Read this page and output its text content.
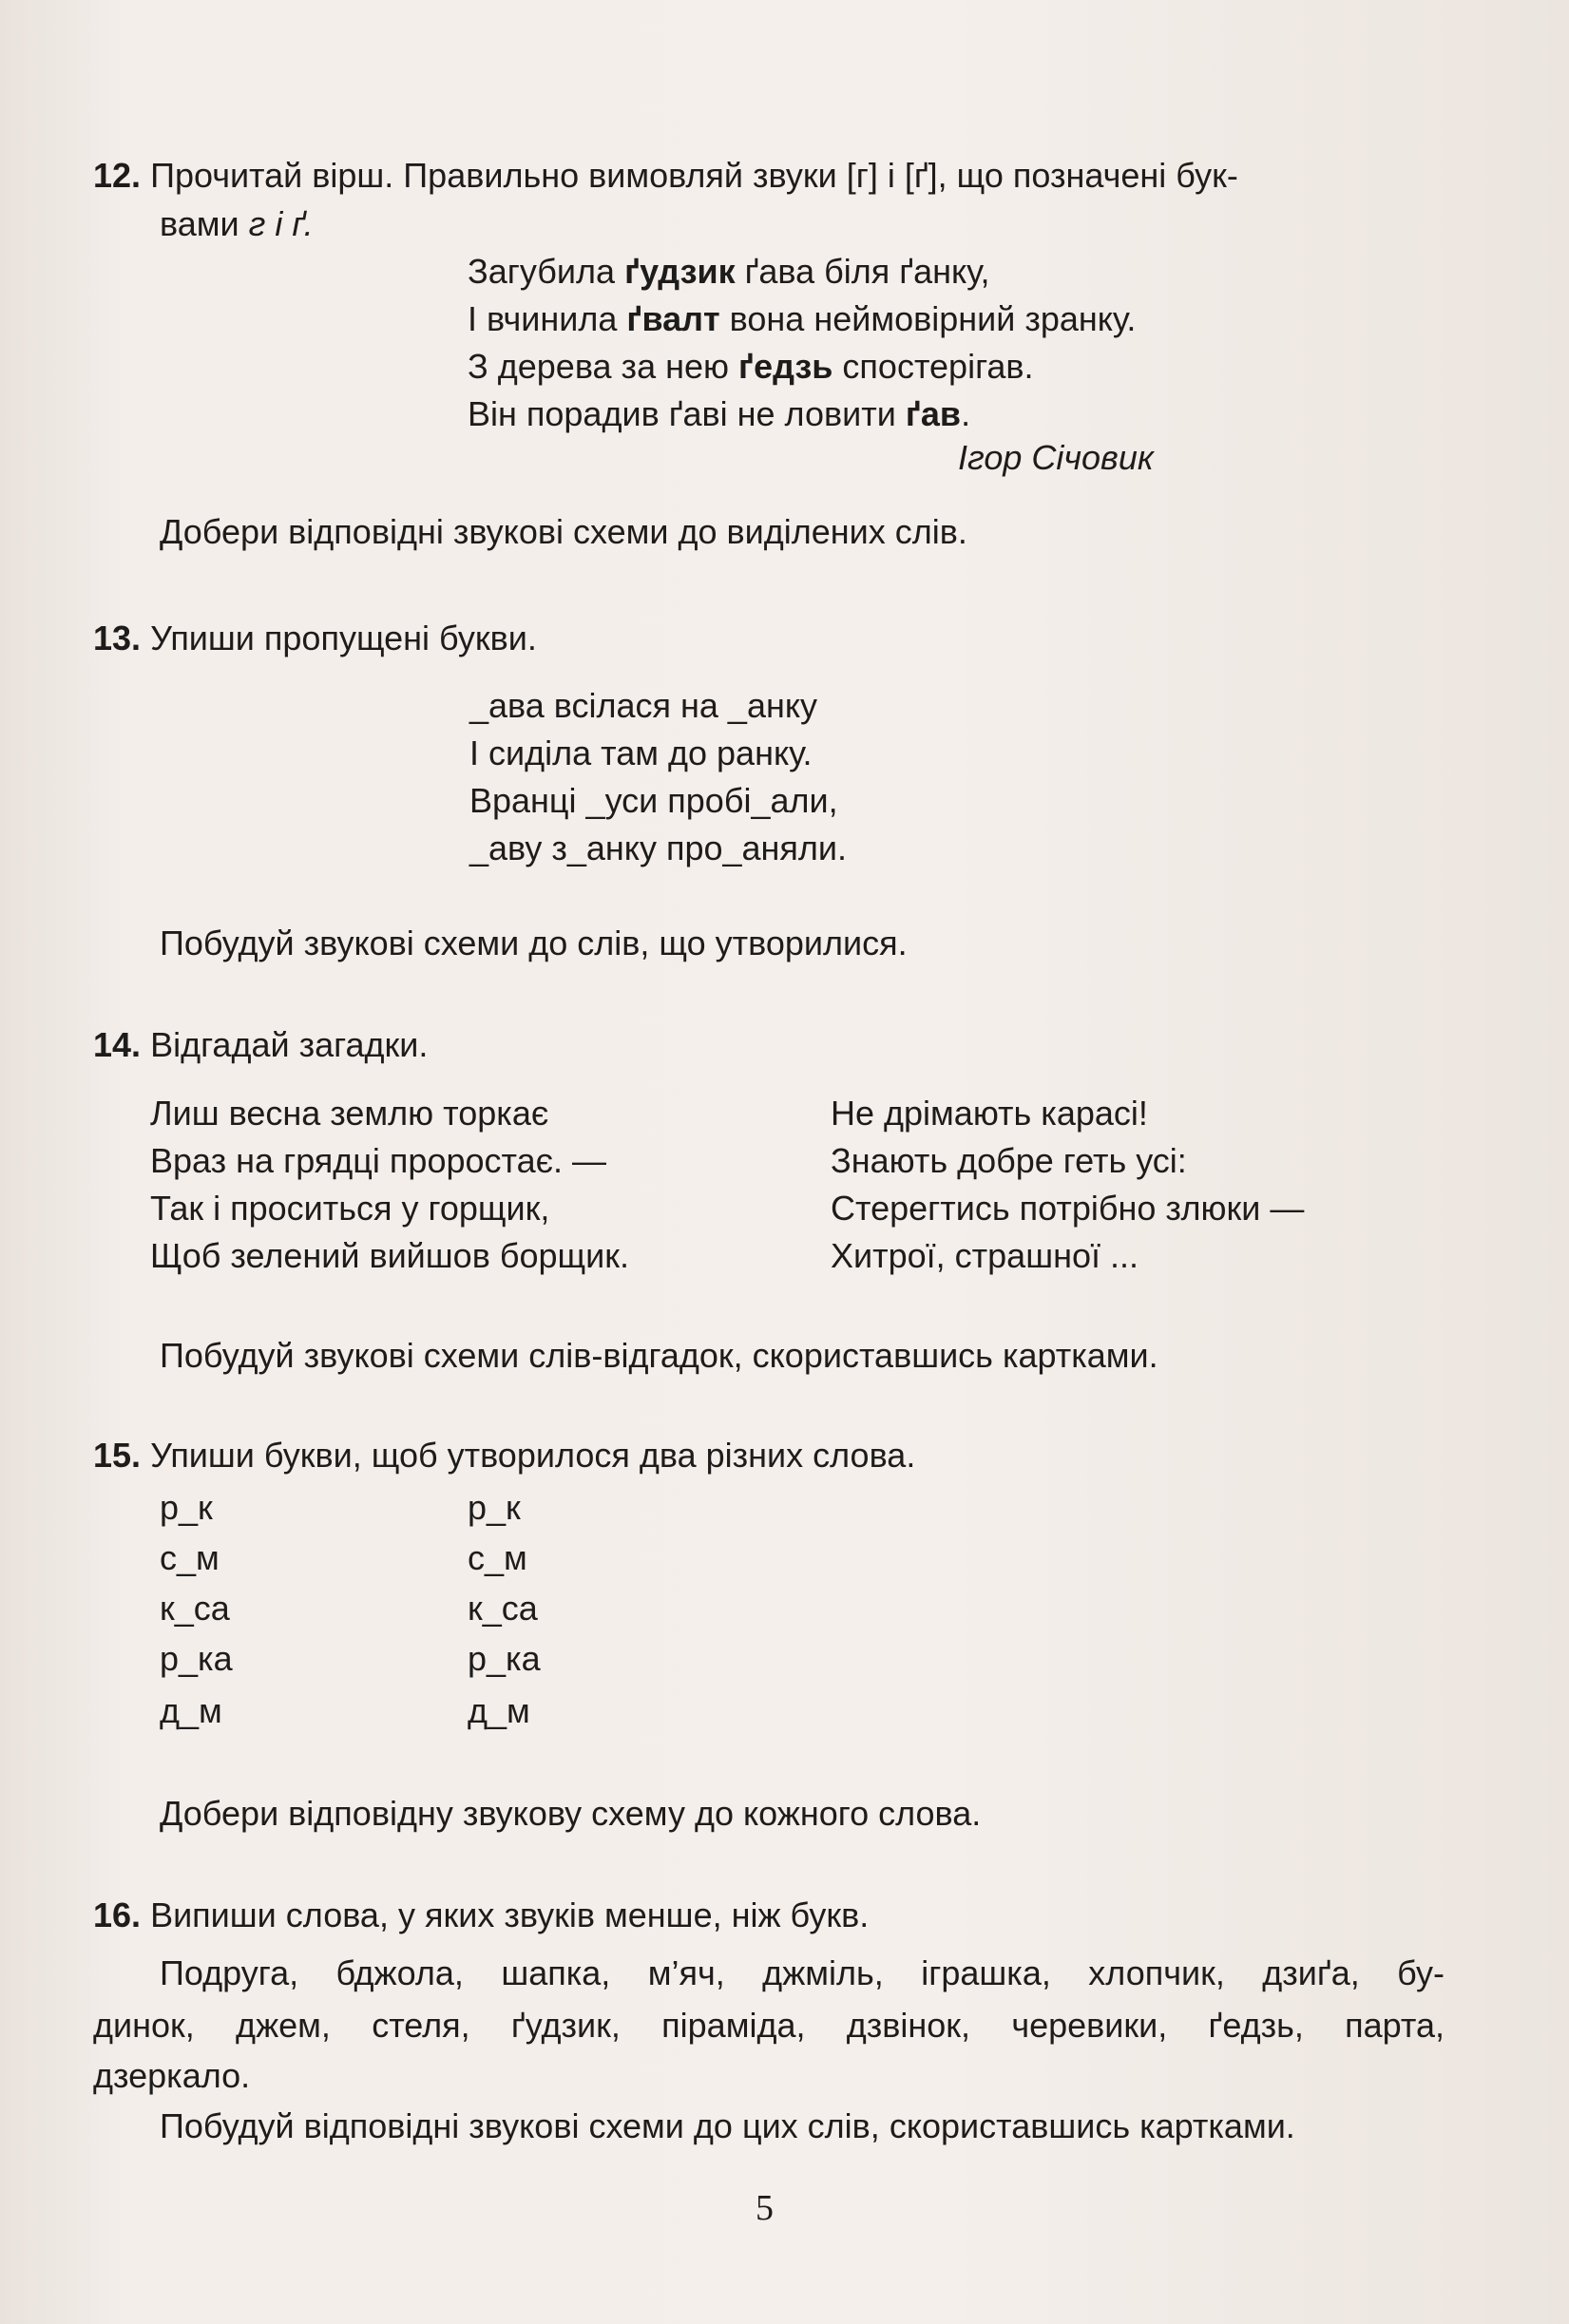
12. Прочитай вірш. Правильно вимовляй звуки [г] і [ґ], що позначені бук-
вами г і ґ.
Загубила ґудзик ґава біля ґанку,
І вчинила ґвалт вона неймовірний зранку.
З дерева за нею ґедзь спостерігав.
Він порадив ґаві не ловити ґав.
Ігор Січовик
Добери відповідні звукові схеми до виділених слів.
13. Упиши пропущені букви.
_ава всілася на _анку
І сиділа там до ранку.
Вранці _уси пробі_али,
_аву з_анку про_аняли.
Побудуй звукові схеми до слів, що утворилися.
14. Відгадай загадки.
Лиш весна землю торкає
Враз на грядці проростає. —
Так і проситься у горщик,
Щоб зелений вийшов борщик.
Не дрімають карасі!
Знають добре геть усі:
Стерегтись потрібно злюки —
Хитрої, страшної ...
Побудуй звукові схеми слів-відгадок, скориставшись картками.
15. Упиши букви, щоб утворилося два різних слова.
р_к
с_м
к_са
р_ка
д_м
р_к
с_м
к_са
р_ка
д_м
Добери відповідну звукову схему до кожного слова.
16. Випиши слова, у яких звуків менше, ніж букв.
Подруга, бджола, шапка, м’яч, джміль, іграшка, хлопчик, дзиґа, бу-
динок, джем, стеля, ґудзик, піраміда, дзвінок, черевики, ґедзь, парта,
дзеркало.
Побудуй відповідні звукові схеми до цих слів, скориставшись картками.
5
